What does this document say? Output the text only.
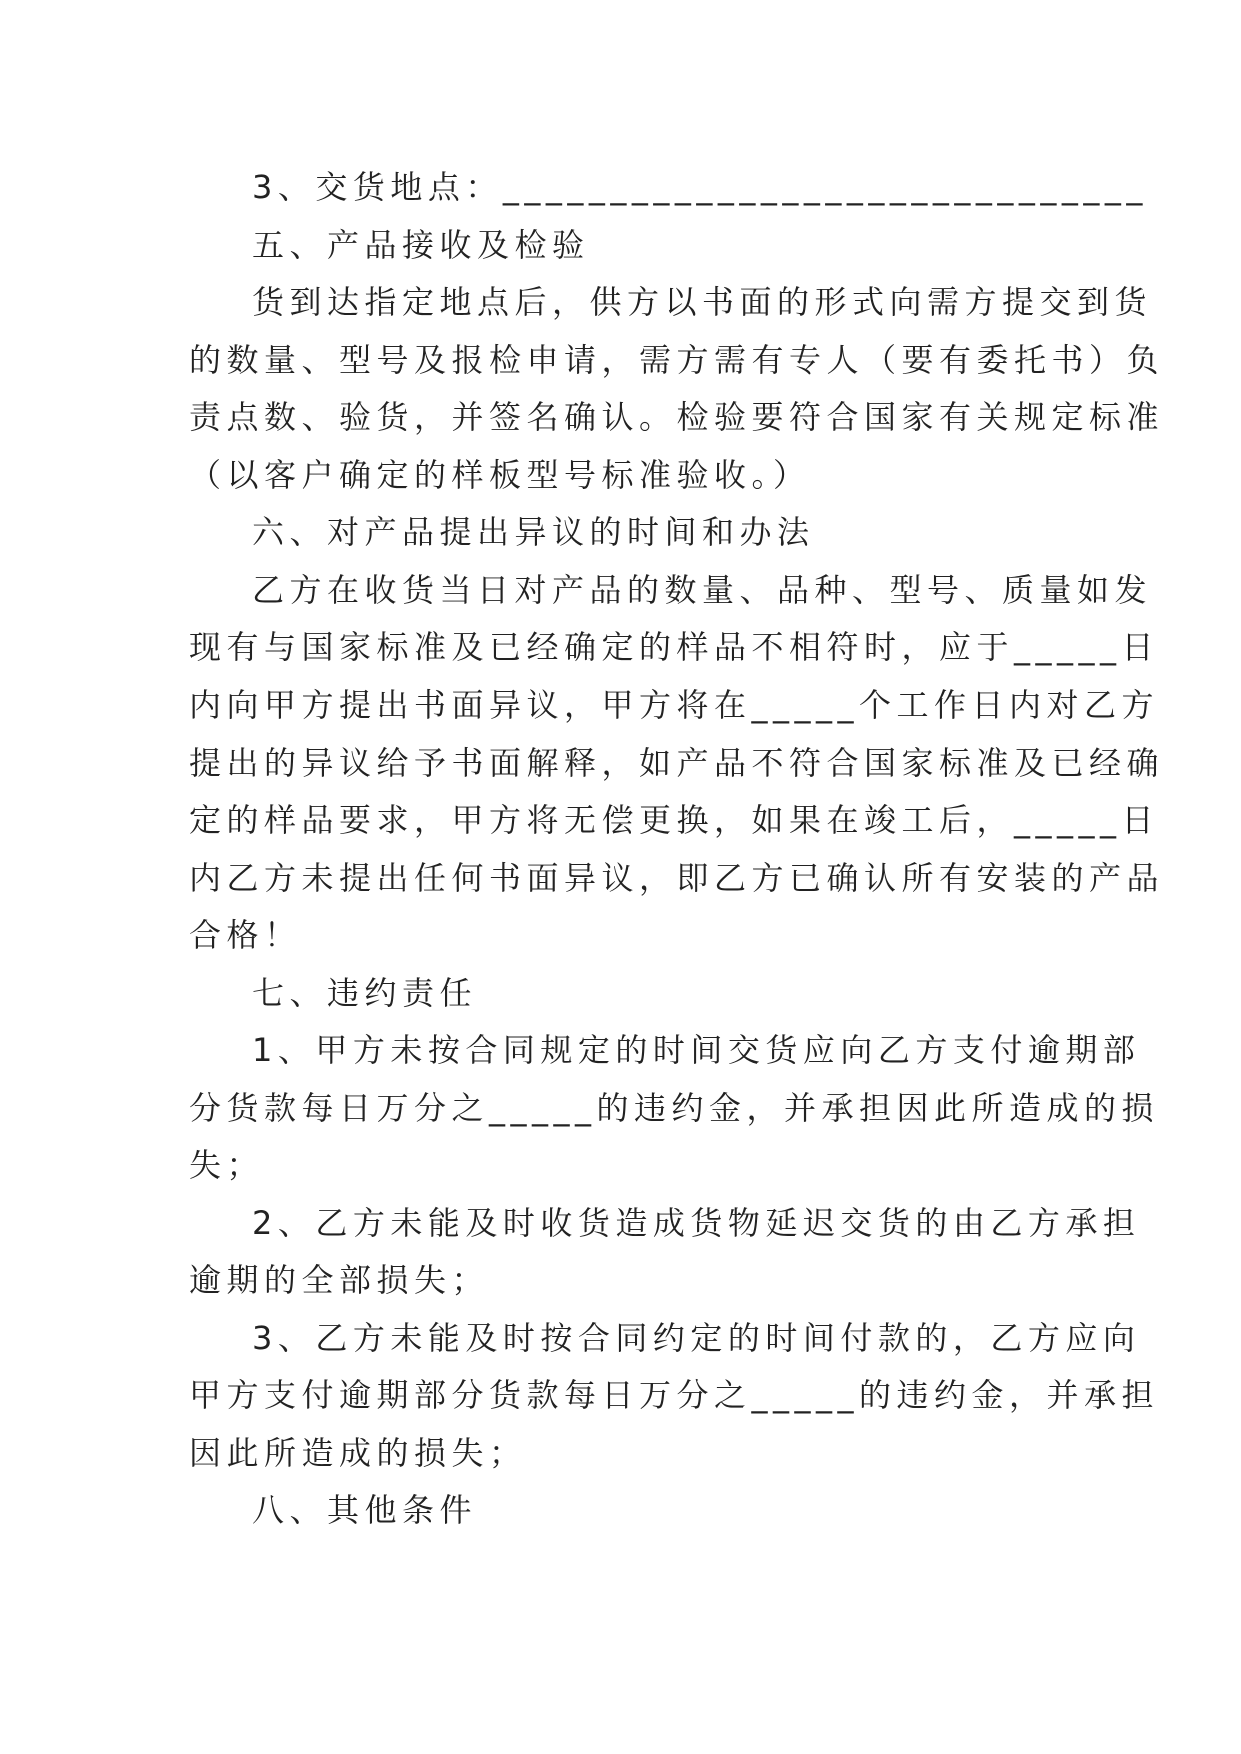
3、交货地点：______________________________
五、产品接收及检验
货到达指定地点后，供方以书面的形式向需方提交到货
的数量、型号及报检申请，需方需有专人（要有委托书）负
责点数、验货，并签名确认。检验要符合国家有关规定标准
（以客户确定的样板型号标准验收。）
六、对产品提出异议的时间和办法
乙方在收货当日对产品的数量、品种、型号、质量如发
现有与国家标准及已经确定的样品不相符时，应于_____日
内向甲方提出书面异议，甲方将在_____个工作日内对乙方
提出的异议给予书面解释，如产品不符合国家标准及已经确
定的样品要求，甲方将无偿更换，如果在竣工后，_____日
内乙方未提出任何书面异议，即乙方已确认所有安装的产品
合格！
七、违约责任
1、甲方未按合同规定的时间交货应向乙方支付逾期部
分货款每日万分之_____的违约金，并承担因此所造成的损
失；
2、乙方未能及时收货造成货物延迟交货的由乙方承担
逾期的全部损失；
3、乙方未能及时按合同约定的时间付款的，乙方应向
甲方支付逾期部分货款每日万分之_____的违约金，并承担
因此所造成的损失；
八、其他条件
